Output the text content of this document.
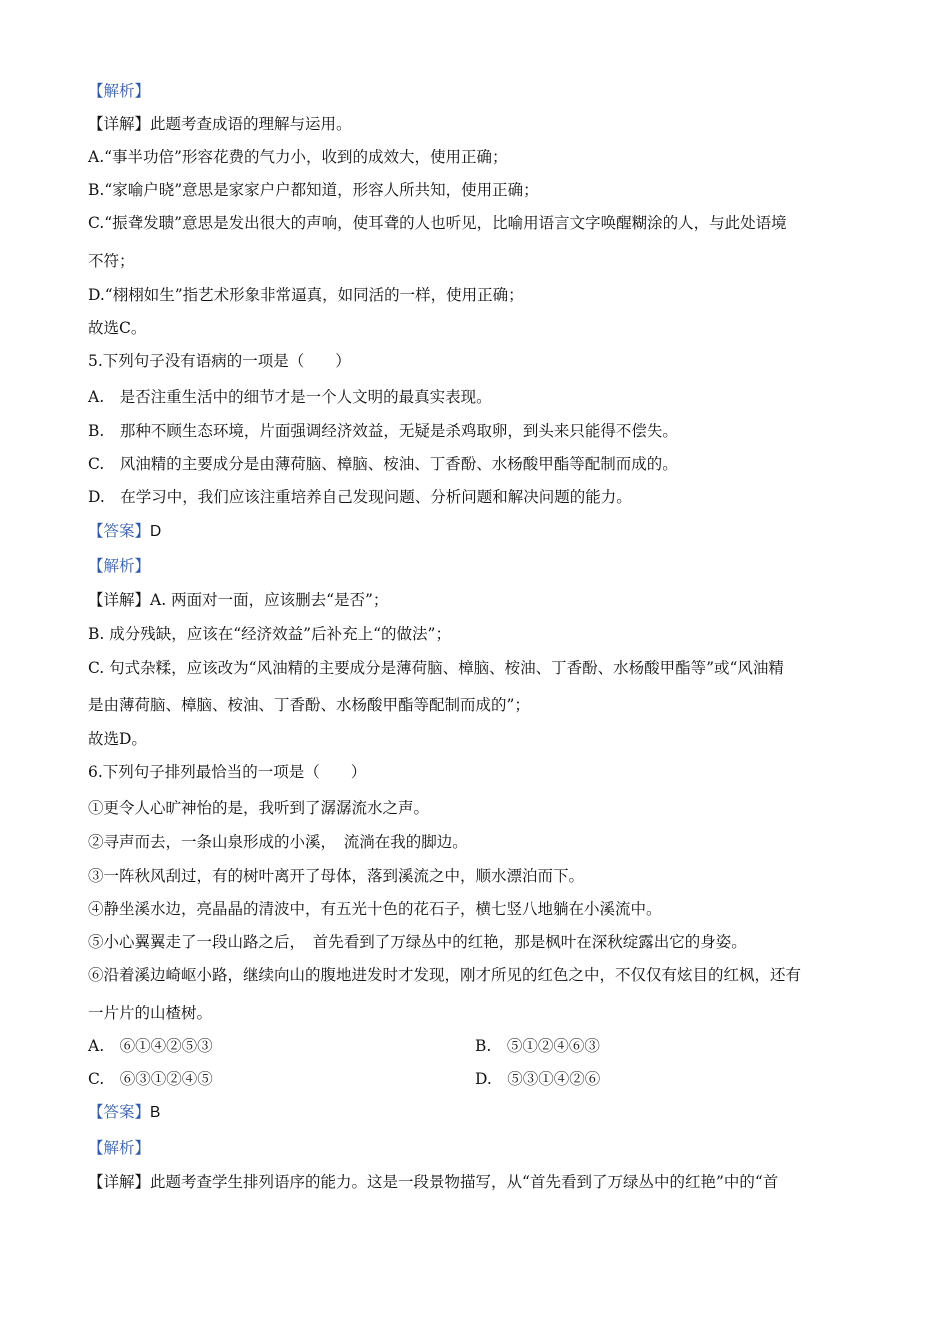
【解析】
【详解】此题考查成语的理解与运用。
A.“事半功倍”形容花费的气力小，收到的成效大，使用正确；
B.“家喻户晓”意思是家家户户都知道，形容人所共知，使用正确；
C.“振聋发聩”意思是发出很大的声响，使耳聋的人也听见，比喻用语言文字唤醒糊涂的人，与此处语境
不符；
D.“栩栩如生”指艺术形象非常逼真，如同活的一样，使用正确；
故选C。
5.下列句子没有语病的一项是（　　）
A.　是否注重生活中的细节才是一个人文明的最真实表现。
B.　那种不顾生态环境，片面强调经济效益，无疑是杀鸡取卵，到头来只能得不偿失。
C.　风油精的主要成分是由薄荷脑、樟脑、桉油、丁香酚、水杨酸甲酯等配制而成的。
D.　在学习中，我们应该注重培养自己发现问题、分析问题和解决问题的能力。
【答案】D
【解析】
【详解】A. 两面对一面，应该删去“是否”；
B. 成分残缺，应该在“经济效益”后补充上“的做法”；
C. 句式杂糅，应该改为“风油精的主要成分是薄荷脑、樟脑、桉油、丁香酚、水杨酸甲酯等”或“风油精
是由薄荷脑、樟脑、桉油、丁香酚、水杨酸甲酯等配制而成的”；
故选D。
6.下列句子排列最恰当的一项是（　　）
①更令人心旷神怡的是，我听到了潺潺流水之声。
②寻声而去，一条山泉形成的小溪，　流淌在我的脚边。
③一阵秋风刮过，有的树叶离开了母体，落到溪流之中，顺水漂泊而下。
④静坐溪水边，亮晶晶的清波中，有五光十色的花石子，横七竖八地躺在小溪流中。
⑤小心翼翼走了一段山路之后，　首先看到了万绿丛中的红艳，那是枫叶在深秋绽露出它的身姿。
⑥沿着溪边崎岖小路，继续向山的腹地进发时才发现，刚才所见的红色之中，不仅仅有炫目的红枫，还有
一片片的山楂树。
A.　⑥①④②⑤③	B.　⑤①②④⑥③
C.　⑥③①②④⑤	D.　⑤③①④②⑥
【答案】B
【解析】
【详解】此题考查学生排列语序的能力。这是一段景物描写，从“首先看到了万绿丛中的红艳”中的“首
